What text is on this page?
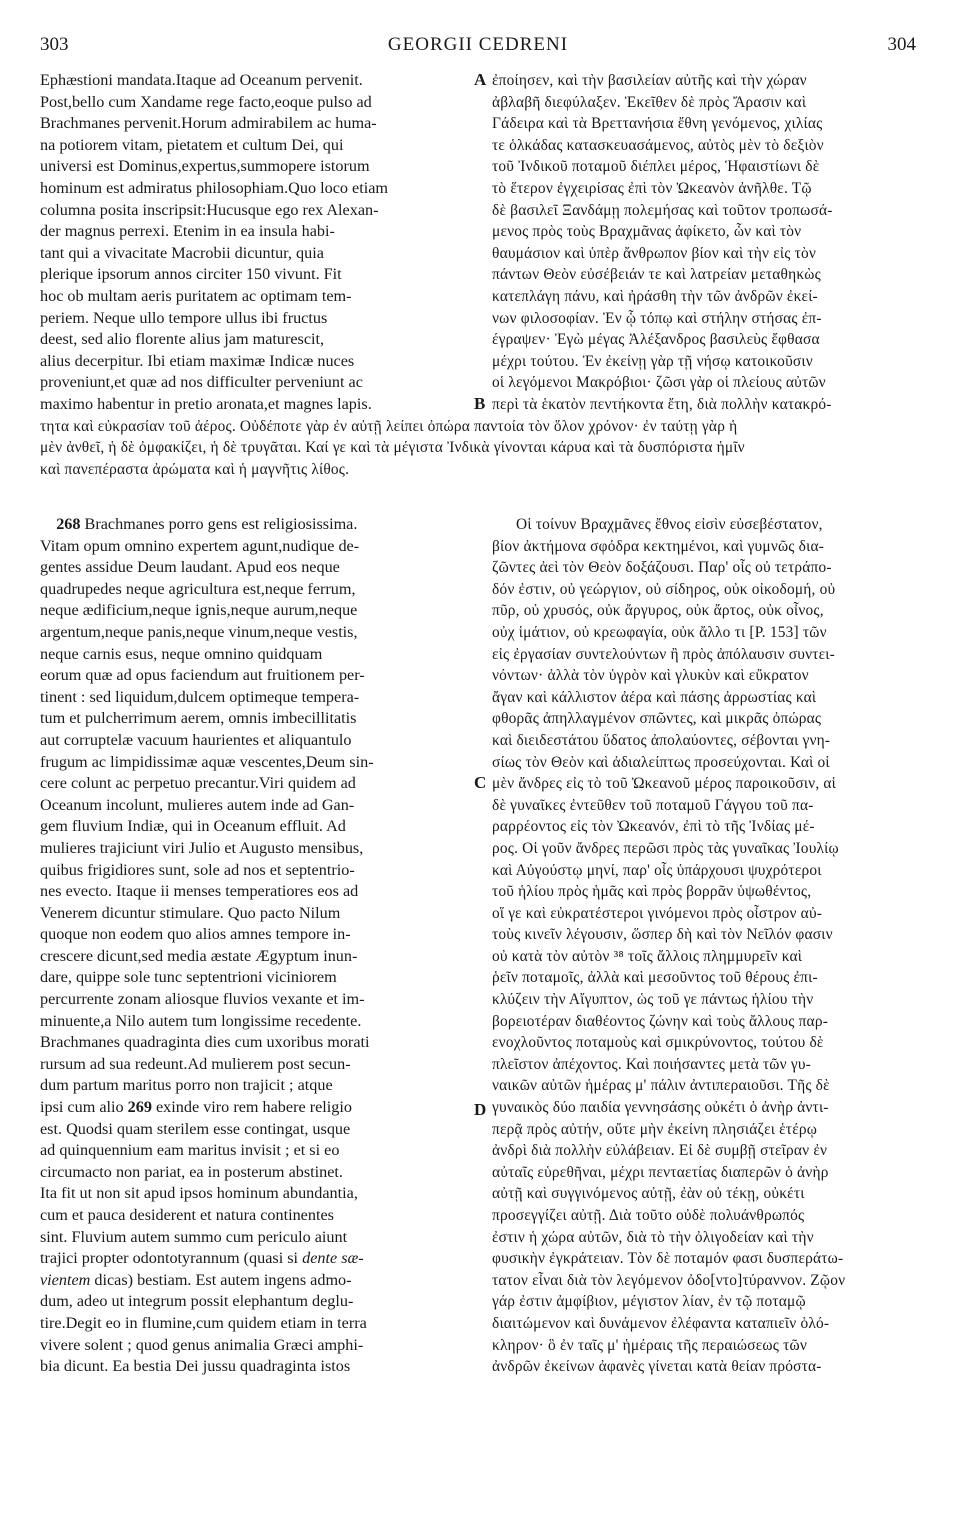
303	GEORGII CEDRENI	304
Ephæstioni mandata.Itaque ad Oceanum pervenit.
Post,bello cum Xandame rege facto,eoque pulso ad
Brachmanes pervenit.Horum admirabilem ac huma-
na potiorem vitam, pietatem et cultum Dei, qui
universi est Dominus,expertus,summopere istorum
hominum est admiratus philosophiam.Quo loco etiam
columna posita inscripsit:Hucusque ego rex Alexan-
der magnus perrexi. Etenim in ea insula habi-
tant qui a vivacitate Macrobii dicuntur, quia
plerique ipsorum annos circiter 150 vivunt. Fit
hoc ob multam aeris puritatem ac optimam tem-
periem. Neque ullo tempore ullus ibi fructus
deest, sed alio florente alius jam maturescit,
alius decerpitur. Ibi etiam maximæ Indicæ nuces
proveniunt,et quæ ad nos difficulter perveniunt ac
maximo habentur in pretio aronata,et magnes lapis.
A ἐποίησεν, καὶ τὴν βασιλείαν αὐτῆς καὶ τὴν χώραν
ἀβλαβῆ διεφύλαξεν. Ἐκεῖθεν δὲ πρὸς Ἄρασιν καὶ
Γάδειρα καὶ τὰ Βρεττανήσια ἔθνη γενόμενος, χιλίας
τε ὁλκάδας κατασκευασάμενος, αὐτὸς μὲν τὸ δεξιὸν
τοῦ Ἰνδικοῦ ποταμοῦ διέπλει μέρος, Ἡφαιστίωνι δὲ
τὸ ἕτερον ἐγχειρίσας ἐπὶ τὸν Ὠκεανὸν ἀνῆλθε. Τῷ
δὲ βασιλεῖ Ξανδάμῃ πολεμήσας καὶ τοῦτον τροπωσά-
μενος πρὸς τοὺς Βραχμᾶνας ἀφίκετο, ὧν καὶ τὸν
θαυμάσιον καὶ ὑπὲρ ἄνθρωπον βίον καὶ τὴν εἰς τὸν
πάντων Θεὸν εὐσέβειάν τε καὶ λατρείαν μεταθηκὼς
κατεπλάγη πάνυ, καὶ ἠράσθη τὴν τῶν ἀνδρῶν ἐκεί-
νων φιλοσοφίαν. Ἐν ᾧ τόπῳ καὶ στήλην στήσας ἐπ-
έγραψεν· Ἐγὼ μέγας Ἀλέξανδρος βασιλεὺς ἔφθασα
μέχρι τούτου. Ἐν ἐκείνῃ γὰρ τῇ νήσῳ κατοικοῦσιν
οἱ λεγόμενοι Μακρόβιοι· ζῶσι γὰρ οἱ πλείους αὐτῶν
B περὶ τὰ ἑκατὸν πεντήκοντα ἔτη, διὰ πολλὴν κατακρό-
τητα καὶ εὐκρασίαν τοῦ ἀέρος. Οὐδέποτε γὰρ ἐν αὐτῇ λείπει ὀπώρα παντοία τὸν ὅλον χρόνον· ἐν ταύτῃ γὰρ ἡ
μὲν ἀνθεῖ, ἡ δὲ ὀμφακίζει, ἡ δὲ τρυγᾶται. Καί γε καὶ τὰ μέγιστα Ἰνδικὰ γίνονται κάρυα καὶ τὰ δυσπόριστα ἡμῖν
καὶ πανεπέραστα ἀρώματα καὶ ἡ μαγνῆτις λίθος.
 268 Brachmanes porro gens est religiosissima.
Vitam opum omnino expertem agunt,nudique de-
gentes assidue Deum laudant. Apud eos neque
quadrupedes neque agricultura est,neque ferrum,
neque ædificium,neque ignis,neque aurum,neque
argentum,neque panis,neque vinum,neque vestis,
neque carnis esus, neque omnino quidquam
eorum quæ ad opus faciendum aut fruitionem per-
tinent : sed liquidum,dulcem optimeque tempera-
tum et pulcherrimum aerem, omnis imbecillitatis
aut corruptelæ vacuum haurientes et aliquantulo
frugum ac limpidissimæ aquæ vescentes,Deum sin-
cere colunt ac perpetuo precantur.Viri quidem ad
Oceanum incolunt, mulieres autem inde ad Gan-
gem fluvium Indiæ, qui in Oceanum effluit. Ad
mulieres trajiciunt viri Julio et Augusto mensibus,
quibus frigidiores sunt, sole ad nos et septentrio-
nes evecto. Itaque ii menses temperatiores eos ad
Venerem dicuntur stimulare. Quo pacto Nilum
quoque non eodem quo alios amnes tempore in-
crescere dicunt,sed media æstate Ægyptum inun-
dare, quippe sole tunc septentrioni viciniorem
percurrente zonam aliosque fluvios vexante et im-
minuente,a Nilo autem tum longissime recedente.
Brachmanes quadraginta dies cum uxoribus morati
rursum ad sua redeunt.Ad mulierem post secun-
dum partum maritus porro non trajicit ; atque
ipsi cum alio 269 exinde viro rem habere religio
est. Quodsi quam sterilem esse contingat, usque
ad quinquennium eam maritus invisit ; et si eo
circumacto non pariat, ea in posterum abstinet.
Ita fit ut non sit apud ipsos hominum abundantia,
cum et pauca desiderent et natura continentes
sint. Fluvium autem summo cum periculo aiunt
trajici propter odontotyrannum (quasi si dente sæ-
vientem dicas) bestiam. Est autem ingens admo-
dum, adeo ut integrum possit elephantum deglu-
tire.Degit eo in flumine,cum quidem etiam in terra
vivere solent ; quod genus animalia Græci amphi-
bia dicunt. Ea bestia Dei jussu quadraginta istos
C
D
Οἱ τοίνυν Βραχμᾶνες ἔθνος εἰσὶν εὐσεβέστατον,
βίον ἀκτήμονα σφόδρα κεκτημένοι, καὶ γυμνῶς δια-
ζῶντες ἀεὶ τὸν Θεὸν δοξάζουσι. Παρ' οἷς οὐ τετράπο-
δόν ἐστιν, οὐ γεώργιον, οὐ σίδηρος, οὐκ οἰκοδομή, οὐ
πῦρ, οὐ χρυσός, οὐκ ἄργυρος, οὐκ ἄρτος, οὐκ οἶνος,
οὐχ ἱμάτιον, οὐ κρεωφαγία, οὐκ ἄλλο τι [P. 153] τῶν
εἰς ἐργασίαν συντελούντων ἢ πρὸς ἀπόλαυσιν συντει-
νόντων· ἀλλὰ τὸν ὑγρὸν καὶ γλυκὺν καὶ εὔκρατον
ἄγαν καὶ κάλλιστον ἀέρα καὶ πάσης ἀρρωστίας καὶ
φθορᾶς ἀπηλλαγμένον σπῶντες, καὶ μικρᾶς ὀπώρας
καὶ διειδεστάτου ὕδατος ἀπολαύοντες, σέβονται γνη-
σίως τὸν Θεὸν καὶ ἀδιαλείπτως προσεύχονται. Καὶ οἱ
μὲν ἄνδρες εἰς τὸ τοῦ Ὠκεανοῦ μέρος παροικοῦσιν, αἱ
δὲ γυναῖκες ἐντεῦθεν τοῦ ποταμοῦ Γάγγου τοῦ πα-
ραρρέοντος εἰς τὸν Ὠκεανόν, ἐπὶ τὸ τῆς Ἰνδίας μέ-
ρος. Οἱ γοῦν ἄνδρες περῶσι πρὸς τὰς γυναῖκας Ἰουλίῳ
καὶ Αὐγούστῳ μηνί, παρ' οἷς ὑπάρχουσι ψυχρότεροι
τοῦ ἡλίου πρὸς ἡμᾶς καὶ πρὸς βορρᾶν ὑψωθέντος,
οἵ γε καὶ εὐκρατέστεροι γινόμενοι πρὸς οἶστρον αὐ-
τοὺς κινεῖν λέγουσιν, ὥσπερ δὴ καὶ τὸν Νεῖλόν φασιν
οὐ κατὰ τὸν αὐτὸν ³⁸ τοῖς ἄλλοις πλημμυρεῖν καὶ
ῥεῖν ποταμοῖς, ἀλλὰ καὶ μεσοῦντος τοῦ θέρους ἐπι-
κλύζειν τὴν Αἴγυπτον, ὡς τοῦ γε πάντως ἡλίου τὴν
βορειοτέραν διαθέοντος ζώνην καὶ τοὺς ἄλλους παρ-
ενοχλοῦντος ποταμοὺς καὶ σμικρύνοντος, τούτου δὲ
πλεῖστον ἀπέχοντος. Καὶ ποιήσαντες μετὰ τῶν γυ-
ναικῶν αὐτῶν ἡμέρας μ' πάλιν ἀντιπεραιοῦσι. Τῆς δὲ
γυναικὸς δύο παιδία γεννησάσης οὐκέτι ὁ ἀνὴρ ἀντι-
περᾷ πρὸς αὐτήν, οὔτε μὴν ἐκείνη πλησιάζει ἑτέρῳ
ἀνδρὶ διὰ πολλὴν εὐλάβειαν. Εἰ δὲ συμβῇ στεῖραν ἐν
αὐταῖς εὑρεθῆναι, μέχρι πενταετίας διαπερῶν ὁ ἀνὴρ
αὐτῇ καὶ συγγινόμενος αὐτῇ, ἐὰν οὐ τέκῃ, οὐκέτι
προσεγγίζει αὐτῇ. Διὰ τοῦτο οὐδὲ πολυάνθρωπός
ἐστιν ἡ χώρα αὐτῶν, διὰ τὸ τὴν ὀλιγοδείαν καὶ τὴν
φυσικὴν ἐγκράτειαν. Τὸν δὲ ποταμόν φασι δυσπεράτω-
τατον εἶναι διὰ τὸν λεγόμενον ὀδο[ντο]τύραννον. Ζῷον
γάρ ἐστιν ἀμφίβιον, μέγιστον λίαν, ἐν τῷ ποταμῷ
διαιτώμενον καὶ δυνάμενον ἐλέφαντα καταπιεῖν ὁλό-
κληρον· ὃ ἐν ταῖς μ' ἡμέραις τῆς περαιώσεως τῶν
ἀνδρῶν ἐκείνων ἀφανὲς γίνεται κατὰ θείαν πρόστα-
